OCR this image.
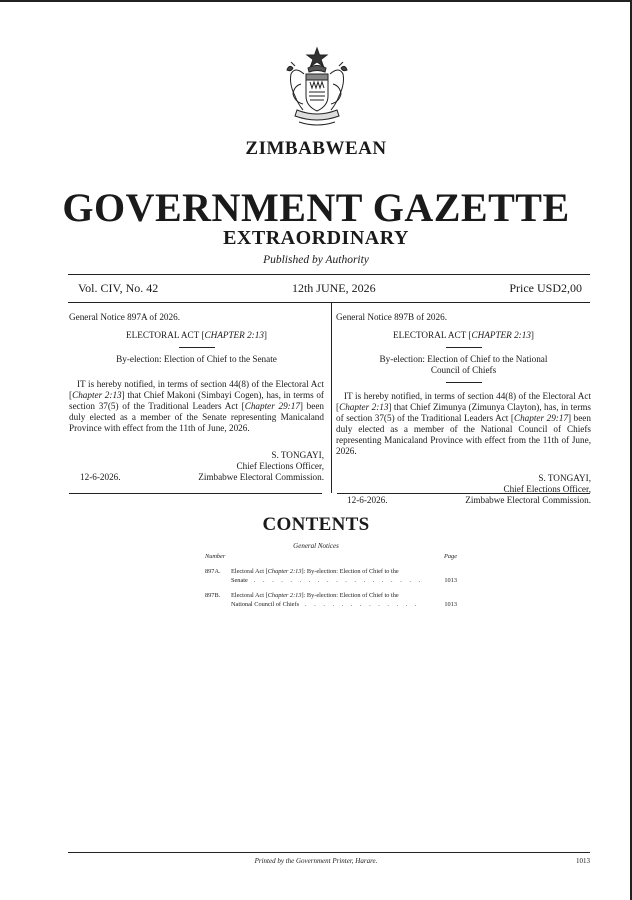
ZIMBABWEAN
GOVERNMENT GAZETTE
EXTRAORDINARY
Published by Authority
Vol. CIV, No. 42	12th JUNE, 2026	Price USD2,00

General Notice 897A of 2026.

ELECTORAL ACT [CHAPTER 2:13]
By-election: Election of Chief to the Senate
IT is hereby notified, in terms of section 44(8) of the Electoral Act [Chapter 2:13] that Chief Makoni (Simbayi Cogen), has, in terms of section 37(5) of the Traditional Leaders Act [Chapter 29:17] been duly elected as a member of the Senate representing Manicaland Province with effect from the 11th of June, 2026.
S. TONGAYI,
Chief Elections Officer,
12-6-2026.	Zimbabwe Electoral Commission.

General Notice 897B of 2026.

ELECTORAL ACT [CHAPTER 2:13]
By-election: Election of Chief to the National
Council of Chiefs
IT is hereby notified, in terms of section 44(8) of the Electoral Act [Chapter 2:13] that Chief Zimunya (Zimunya Clayton), has, in terms of section 37(5) of the Traditional Leaders Act [Chapter 29:17] been duly elected as a member of the National Council of Chiefs representing Manicaland Province with effect from the 11th of June, 2026.
S. TONGAYI,
Chief Elections Officer,
12-6-2026.	Zimbabwe Electoral Commission.
CONTENTS
General Notices
Number	Page
897A.	Electoral Act [Chapter 2:13]: By-election: Election of Chief to the
Senate . . . . . . . . . . . . . . . . . . .	1013
897B.	Electoral Act [Chapter 2:13]: By-election: Election of Chief to the
National Council of Chiefs . . . . . . . . . . . . .	1013
Printed by the Government Printer, Harare.	1013
